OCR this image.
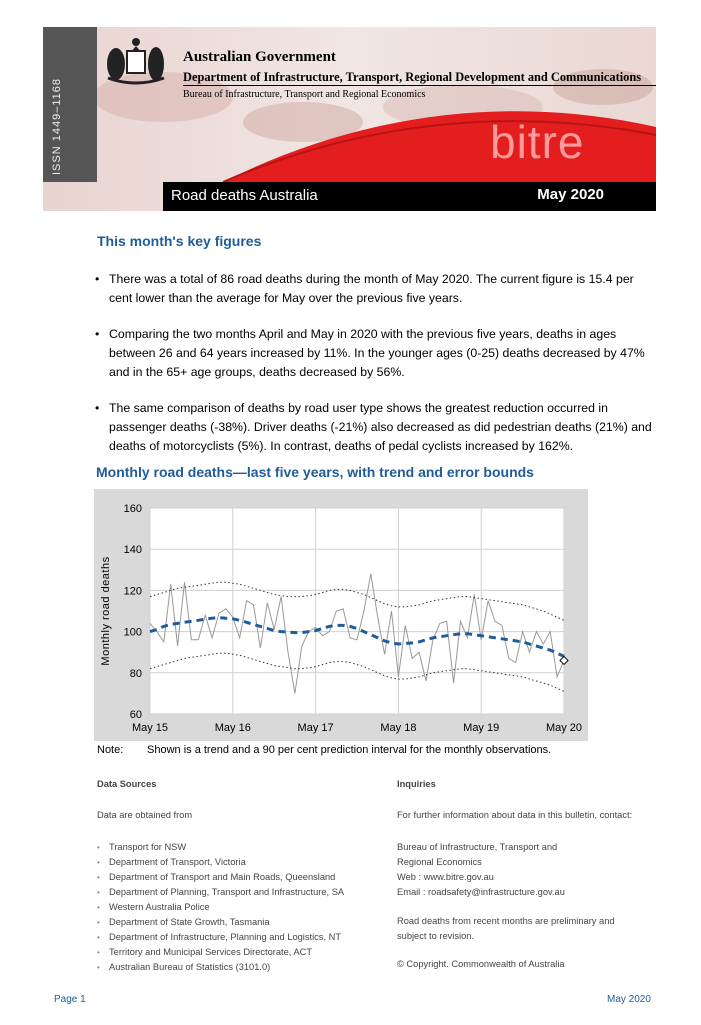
ISSN 1449–1168
Australian Government
Department of Infrastructure, Transport, Regional Development and Communications
Bureau of Infrastructure, Transport and Regional Economics
bitre
Road deaths Australia	May 2020
This month's key figures
• There was a total of 86 road deaths during the month of May 2020. The current figure is 15.4 per cent lower than the average for May over the previous five years.
• Comparing the two months April and May in 2020 with the previous five years, deaths in ages between 26 and 64 years increased by 11%. In the younger ages (0-25) deaths decreased by 47% and in the 65+ age groups, deaths decreased by 56%.
• The same comparison of deaths by road user type shows the greatest reduction occurred in passenger deaths (-38%). Driver deaths (-21%) also decreased as did pedestrian deaths (21%) and deaths of motorcyclists (5%). In contrast, deaths of pedal cyclists increased by 162%.
Monthly road deaths—last five years, with trend and error bounds
60
80
100
120
140
160
May 15	May 16	May 17	May 18	May 19	May 20
Monthly road deaths
Note: Shown is a trend and a 90 per cent prediction interval for the monthly observations.
Data Sources
Data are obtained from
• Transport for NSW
• Department of Transport, Victoria
• Department of Transport and Main Roads, Queensland
• Department of Planning, Transport and Infrastructure, SA
• Western Australia Police
• Department of State Growth, Tasmania
• Department of Infrastructure, Planning and Logistics, NT
• Territory and Municipal Services Directorate, ACT
• Australian Bureau of Statistics (3101.0)
Inquiries
For further information about data in this bulletin, contact:
Bureau of Infrastructure, Transport and
Regional Economics
Web : www.bitre.gov.au
Email : roadsafety@infrastructure.gov.au
Road deaths from recent months are preliminary and
subject to revision.
© Copyright. Commonwealth of Australia
Page 1	May 2020
